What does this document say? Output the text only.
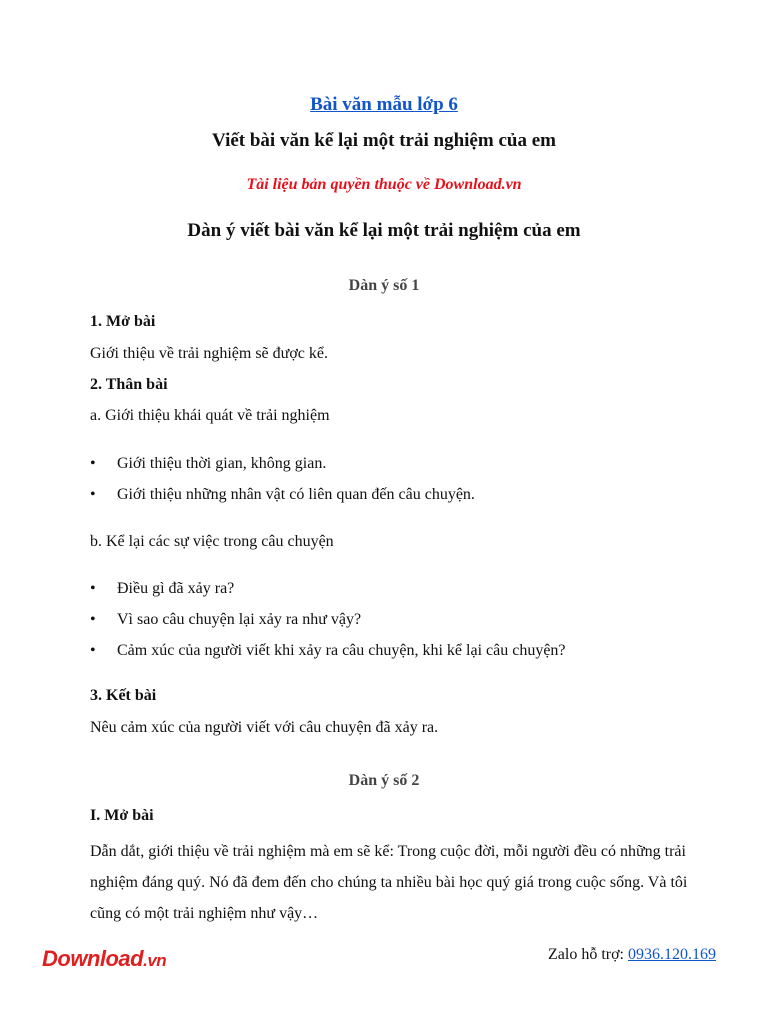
Bài văn mẫu lớp 6
Viết bài văn kể lại một trải nghiệm của em
Tài liệu bản quyền thuộc về Download.vn
Dàn ý viết bài văn kể lại một trải nghiệm của em
Dàn ý số 1
1. Mở bài
Giới thiệu về trải nghiệm sẽ được kể.
2. Thân bài
a. Giới thiệu khái quát về trải nghiệm
• Giới thiệu thời gian, không gian.
• Giới thiệu những nhân vật có liên quan đến câu chuyện.
b. Kể lại các sự việc trong câu chuyện
• Điều gì đã xảy ra?
• Vì sao câu chuyện lại xảy ra như vậy?
• Cảm xúc của người viết khi xảy ra câu chuyện, khi kể lại câu chuyện?
3. Kết bài
Nêu cảm xúc của người viết với câu chuyện đã xảy ra.
Dàn ý số 2
I. Mở bài
Dẫn dắt, giới thiệu về trải nghiệm mà em sẽ kể: Trong cuộc đời, mỗi người đều có những trải nghiệm đáng quý. Nó đã đem đến cho chúng ta nhiều bài học quý giá trong cuộc sống. Và tôi cũng có một trải nghiệm như vậy…
Download.vn	Zalo hỗ trợ: 0936.120.169
